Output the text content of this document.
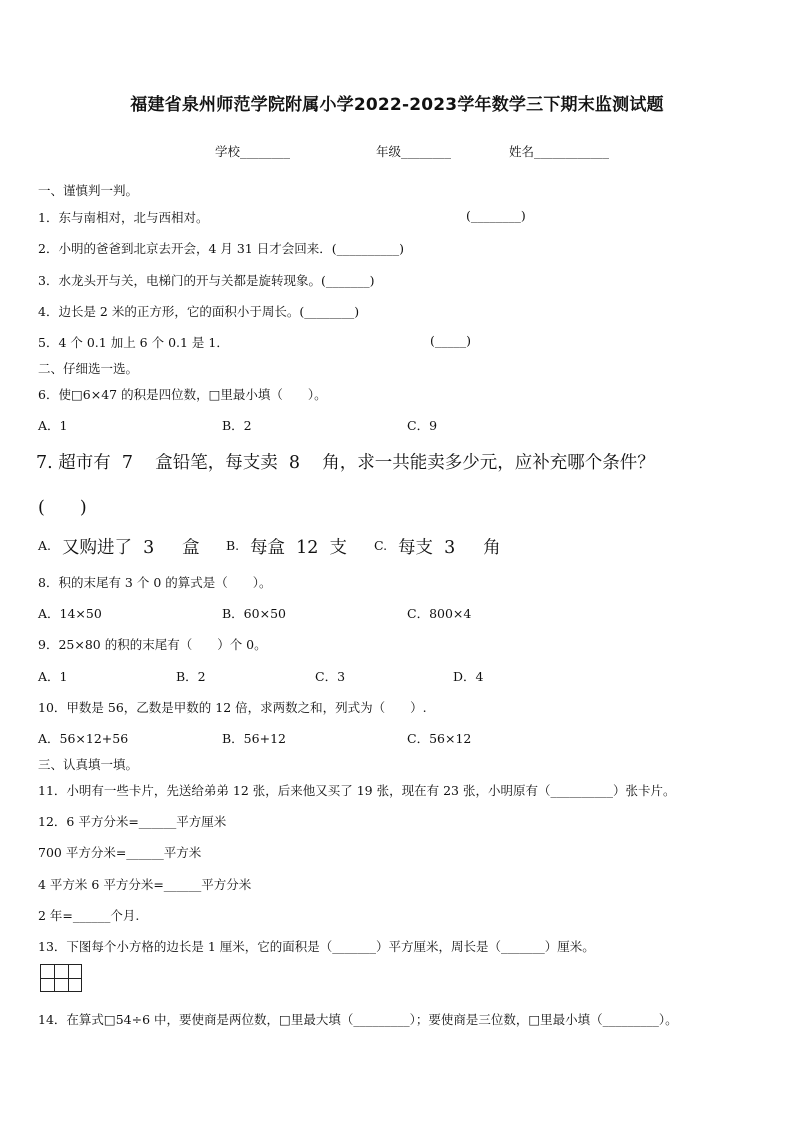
福建省泉州师范学院附属小学2022-2023学年数学三下期末监测试题
学校________	年级________	姓名____________
一、谨慎判一判。
1．东与南相对，北与西相对。	(________)
2．小明的爸爸到北京去开会，4 月 31 日才会回来．(__________)
3．水龙头开与关，电梯门的开与关都是旋转现象。(_______)
4．边长是 2 米的正方形，它的面积小于周长。(________)
5．4 个 0.1 加上 6 个 0.1 是 1．	(_____)
二、仔细选一选。
6．使□6×47 的积是四位数，□里最小填（　　）。
A．1	B．2	C．9
7. 超市有  7    盒铅笔，每支卖  8    角，求一共能卖多少元，应补充哪个条件？
(　　)
A. 又购进了  3     盒 B. 每盒  12  支 C. 每支  3     角
8．积的末尾有 3 个 0 的算式是（　　）。
A．14×50	B．60×50	C．800×4
9．25×80 的积的末尾有（　　）个 0。
A．1	B．2	C．3	D．4
10．甲数是 56，乙数是甲数的 12 倍，求两数之和，列式为（　　）.
A．56×12+56	B．56+12	C．56×12
三、认真填一填。
11．小明有一些卡片，先送给弟弟 12 张，后来他又买了 19 张，现在有 23 张，小明原有（__________）张卡片。
12．6 平方分米=______平方厘米
700 平方分米=______平方米
4 平方米 6 平方分米=______平方分米
2 年=______个月.
13．下图每个小方格的边长是 1 厘米，它的面积是（_______）平方厘米，周长是（_______）厘米。
14．在算式□54÷6 中，要使商是两位数，□里最大填（_________）；要使商是三位数，□里最小填（_________）。
